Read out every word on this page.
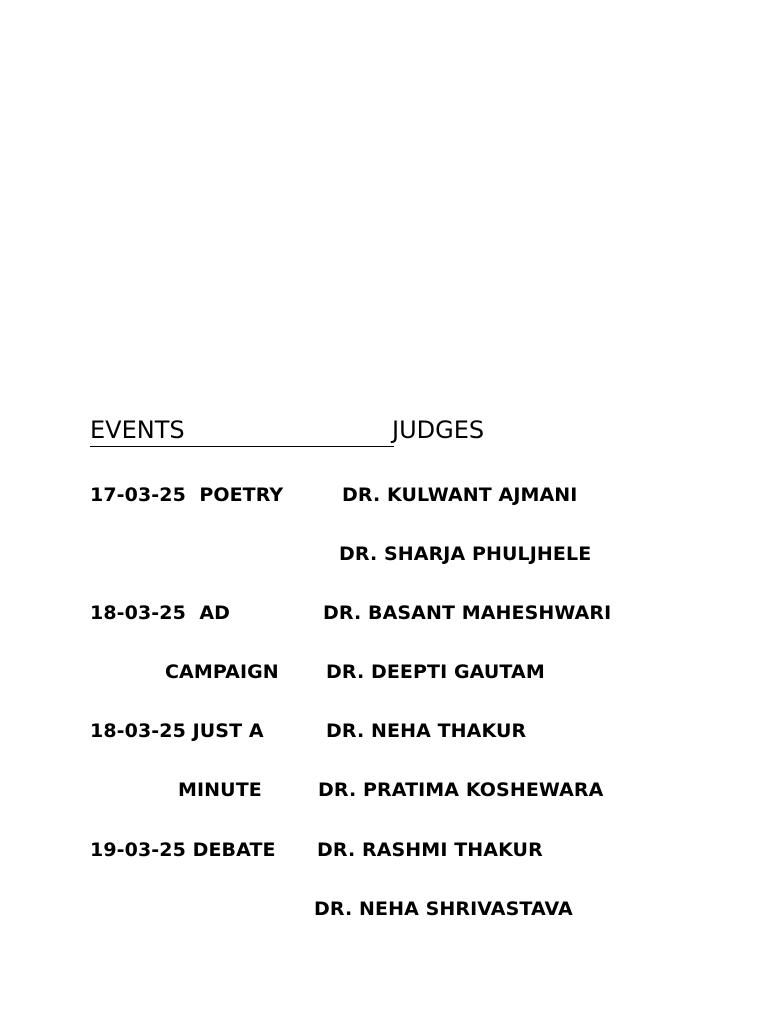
EVENTS	JUDGES
17-03-25  POETRY	DR. KULWANT AJMANI
DR. SHARJA PHULJHELE
18-03-25  AD	DR. BASANT MAHESHWARI
CAMPAIGN DR. DEEPTI GAUTAM
18-03-25 JUST A	DR. NEHA THAKUR
MINUTE	DR. PRATIMA KOSHEWARA
19-03-25 DEBATE DR. RASHMI THAKUR
DR. NEHA SHRIVASTAVA
